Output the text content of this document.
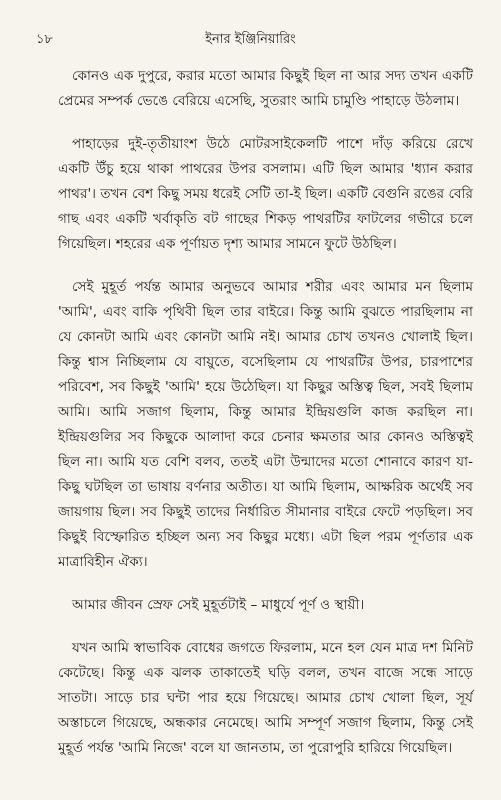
১৮	ইনার ইঞ্জিনিয়ারিং

কোনও এক দুপুরে, করার মতো আমার কিছুই ছিল না আর সদ্য তখন একটি প্রেমের সম্পর্ক ভেঙে বেরিয়ে এসেছি, সুতরাং আমি চামুণ্ডি পাহাড়ে উঠলাম।

পাহাড়ের দুই-তৃতীয়াংশ উঠে মোটরসাইকেলটি পাশে দাঁড় করিয়ে রেখে একটি উঁচু হয়ে থাকা পাথরের উপর বসলাম। এটি ছিল আমার 'ধ্যান করার পাথর'। তখন বেশ কিছু সময় ধরেই সেটি তা-ই ছিল। একটি বেগুনি রঙের বেরি গাছ এবং একটি খর্বাকৃতি বট গাছের শিকড় পাথরটির ফাটলের গভীরে চলে গিয়েছিল। শহরের এক পূর্ণায়ত দৃশ্য আমার সামনে ফুটে উঠছিল।

সেই মুহূর্ত পর্যন্ত আমার অনুভবে আমার শরীর এবং আমার মন ছিলাম 'আমি', এবং বাকি পৃথিবী ছিল তার বাইরে। কিন্তু আমি বুঝতে পারছিলাম না যে কোনটা আমি এবং কোনটা আমি নই। আমার চোখ তখনও খোলাই ছিল। কিন্তু শ্বাস নিচ্ছিলাম যে বায়ুতে, বসেছিলাম যে পাথরটির উপর, চারপাশের পরিবেশ, সব কিছুই 'আমি' হয়ে উঠেছিল। যা কিছুর অস্তিত্ব ছিল, সবই ছিলাম আমি। আমি সজাগ ছিলাম, কিন্তু আমার ইন্দ্রিয়গুলি কাজ করছিল না। ইন্দ্রিয়গুলির সব কিছুকে আলাদা করে চেনার ক্ষমতার আর কোনও অস্তিত্বই ছিল না। আমি যত বেশি বলব, ততই এটা উন্মাদের মতো শোনাবে কারণ যা-কিছু ঘটছিল তা ভাষায় বর্ণনার অতীত। যা আমি ছিলাম, আক্ষরিক অর্থেই সব জায়গায় ছিল। সব কিছুই তাদের নির্ধারিত সীমানার বাইরে ফেটে পড়ছিল। সব কিছুই বিস্ফোরিত হচ্ছিল অন্য সব কিছুর মধ্যে। এটা ছিল পরম পূর্ণতার এক মাত্রাবিহীন ঐক্য।

আমার জীবন স্রেফ সেই মুহূর্তটাই – মাধুর্যে পূর্ণ ও স্থায়ী।

যখন আমি স্বাভাবিক বোধের জগতে ফিরলাম, মনে হল যেন মাত্র দশ মিনিট কেটেছে। কিন্তু এক ঝলক তাকাতেই ঘড়ি বলল, তখন বাজে সন্ধে সাড়ে সাতটা। সাড়ে চার ঘন্টা পার হয়ে গিয়েছে। আমার চোখ খোলা ছিল, সূর্য অস্তাচলে গিয়েছে, অন্ধকার নেমেছে। আমি সম্পূর্ণ সজাগ ছিলাম, কিন্তু সেই মুহূর্ত পর্যন্ত 'আমি নিজে' বলে যা জানতাম, তা পুরোপুরি হারিয়ে গিয়েছিল।
